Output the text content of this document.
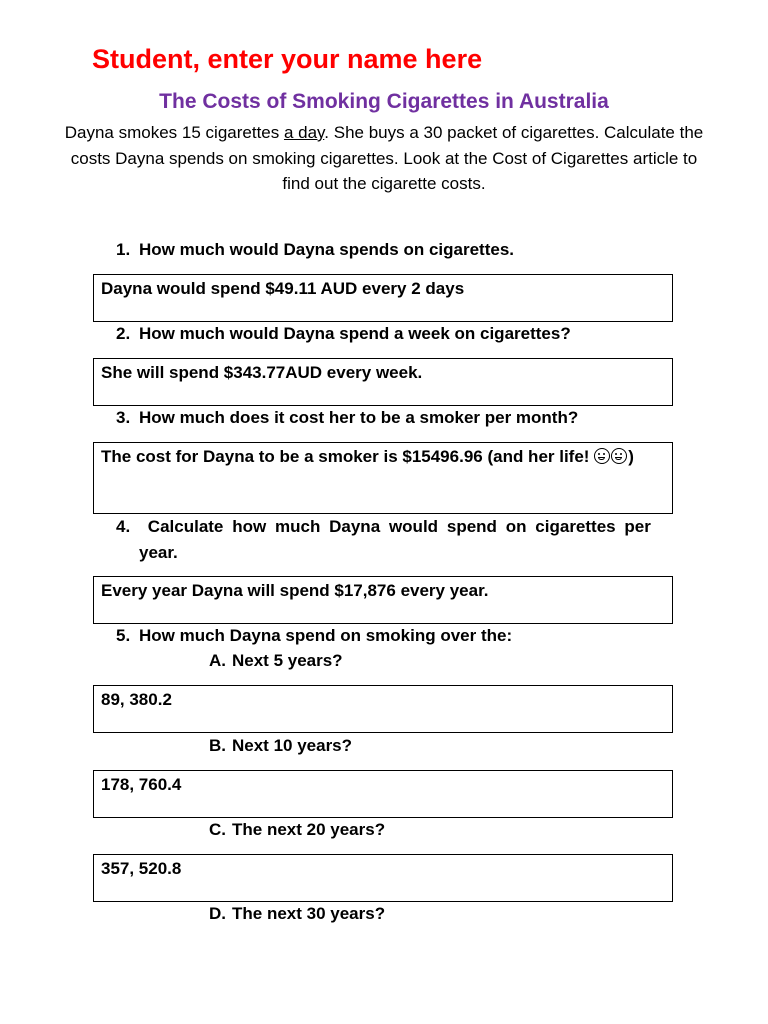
Student, enter your name here
The Costs of Smoking Cigarettes in Australia
Dayna smokes 15 cigarettes a day. She buys a 30 packet of cigarettes. Calculate the costs Dayna spends on smoking cigarettes. Look at the Cost of Cigarettes article to find out the cigarette costs.
1. How much would Dayna spends on cigarettes.
Dayna would spend $49.11 AUD every 2 days
2. How much would Dayna spend a week on cigarettes?
She will spend $343.77AUD every week.
3. How much does it cost her to be a smoker per month?
The cost for Dayna to be a smoker is $15496.96 (and her life! )
4.	Calculate how much Dayna would spend on cigarettes per
year.
Every year Dayna will spend $17,876 every year.
5. How much Dayna spend on smoking over the:
A. Next 5 years?
89, 380.2
B. Next 10 years?
178, 760.4
C. The next 20 years?
357, 520.8
D. The next 30 years?
